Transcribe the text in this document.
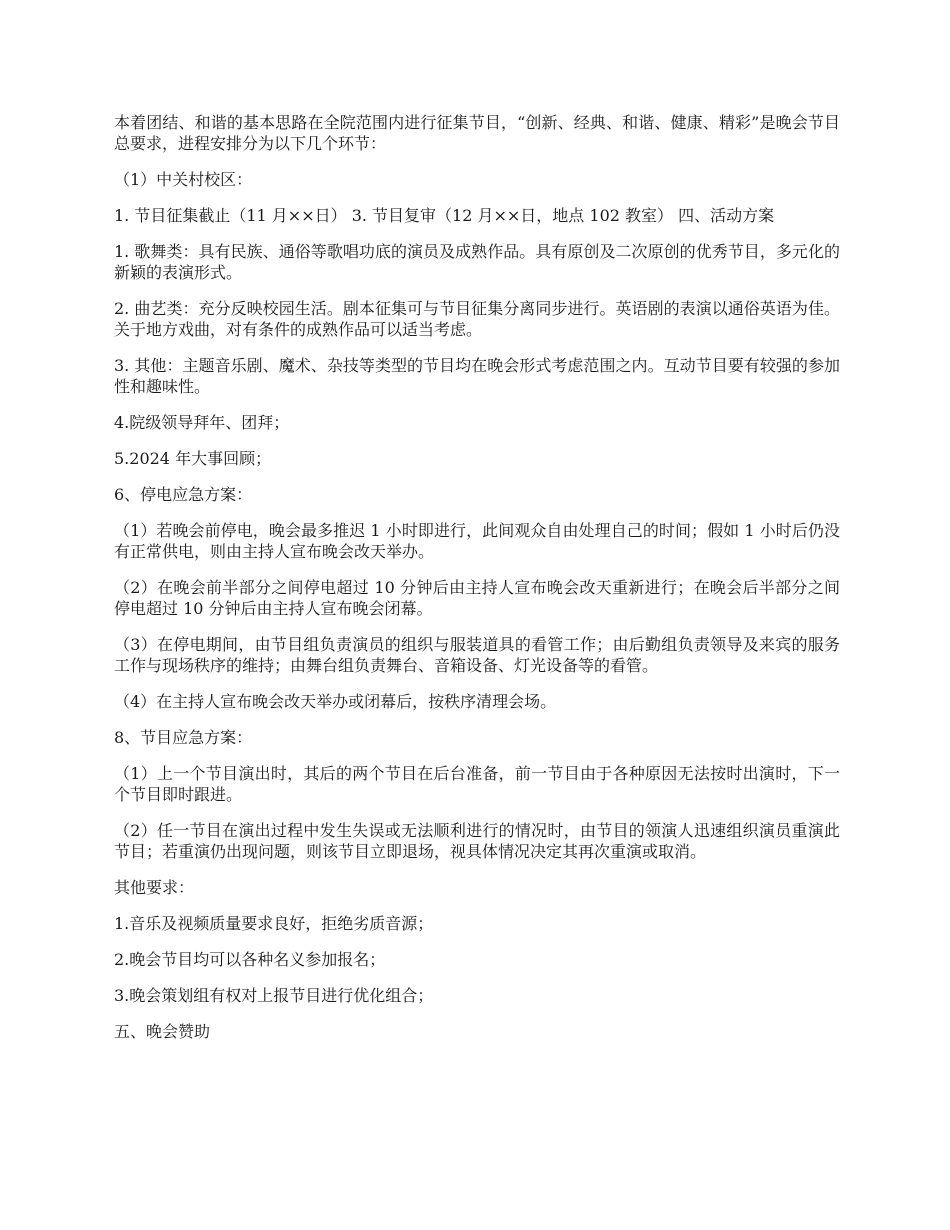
本着团结、和谐的基本思路在全院范围内进行征集节目，“创新、经典、和谐、健康、精彩”是晚会节目总要求，进程安排分为以下几个环节：

（1）中关村校区：

1. 节目征集截止（11 月××日） 3. 节目复审（12 月××日，地点 102 教室） 四、活动方案

1. 歌舞类：具有民族、通俗等歌唱功底的演员及成熟作品。具有原创及二次原创的优秀节目，多元化的新颖的表演形式。

2. 曲艺类：充分反映校园生活。剧本征集可与节目征集分离同步进行。英语剧的表演以通俗英语为佳。关于地方戏曲，对有条件的成熟作品可以适当考虑。

3. 其他：主题音乐剧、魔术、杂技等类型的节目均在晚会形式考虑范围之内。互动节目要有较强的参加性和趣味性。

4.院级领导拜年、团拜；

5.2024 年大事回顾；

6、停电应急方案：

（1）若晚会前停电，晚会最多推迟 1 小时即进行，此间观众自由处理自己的时间；假如 1 小时后仍没有正常供电，则由主持人宣布晚会改天举办。

（2）在晚会前半部分之间停电超过 10 分钟后由主持人宣布晚会改天重新进行；在晚会后半部分之间停电超过 10 分钟后由主持人宣布晚会闭幕。

（3）在停电期间，由节目组负责演员的组织与服装道具的看管工作；由后勤组负责领导及来宾的服务工作与现场秩序的维持；由舞台组负责舞台、音箱设备、灯光设备等的看管。

（4）在主持人宣布晚会改天举办或闭幕后，按秩序清理会场。

8、节目应急方案：

（1）上一个节目演出时，其后的两个节目在后台准备，前一节目由于各种原因无法按时出演时，下一个节目即时跟进。

（2）任一节目在演出过程中发生失误或无法顺利进行的情况时，由节目的领演人迅速组织演员重演此节目；若重演仍出现问题，则该节目立即退场，视具体情况决定其再次重演或取消。

其他要求：

1.音乐及视频质量要求良好，拒绝劣质音源；

2.晚会节目均可以各种名义参加报名；

3.晚会策划组有权对上报节目进行优化组合；

五、晚会赞助
